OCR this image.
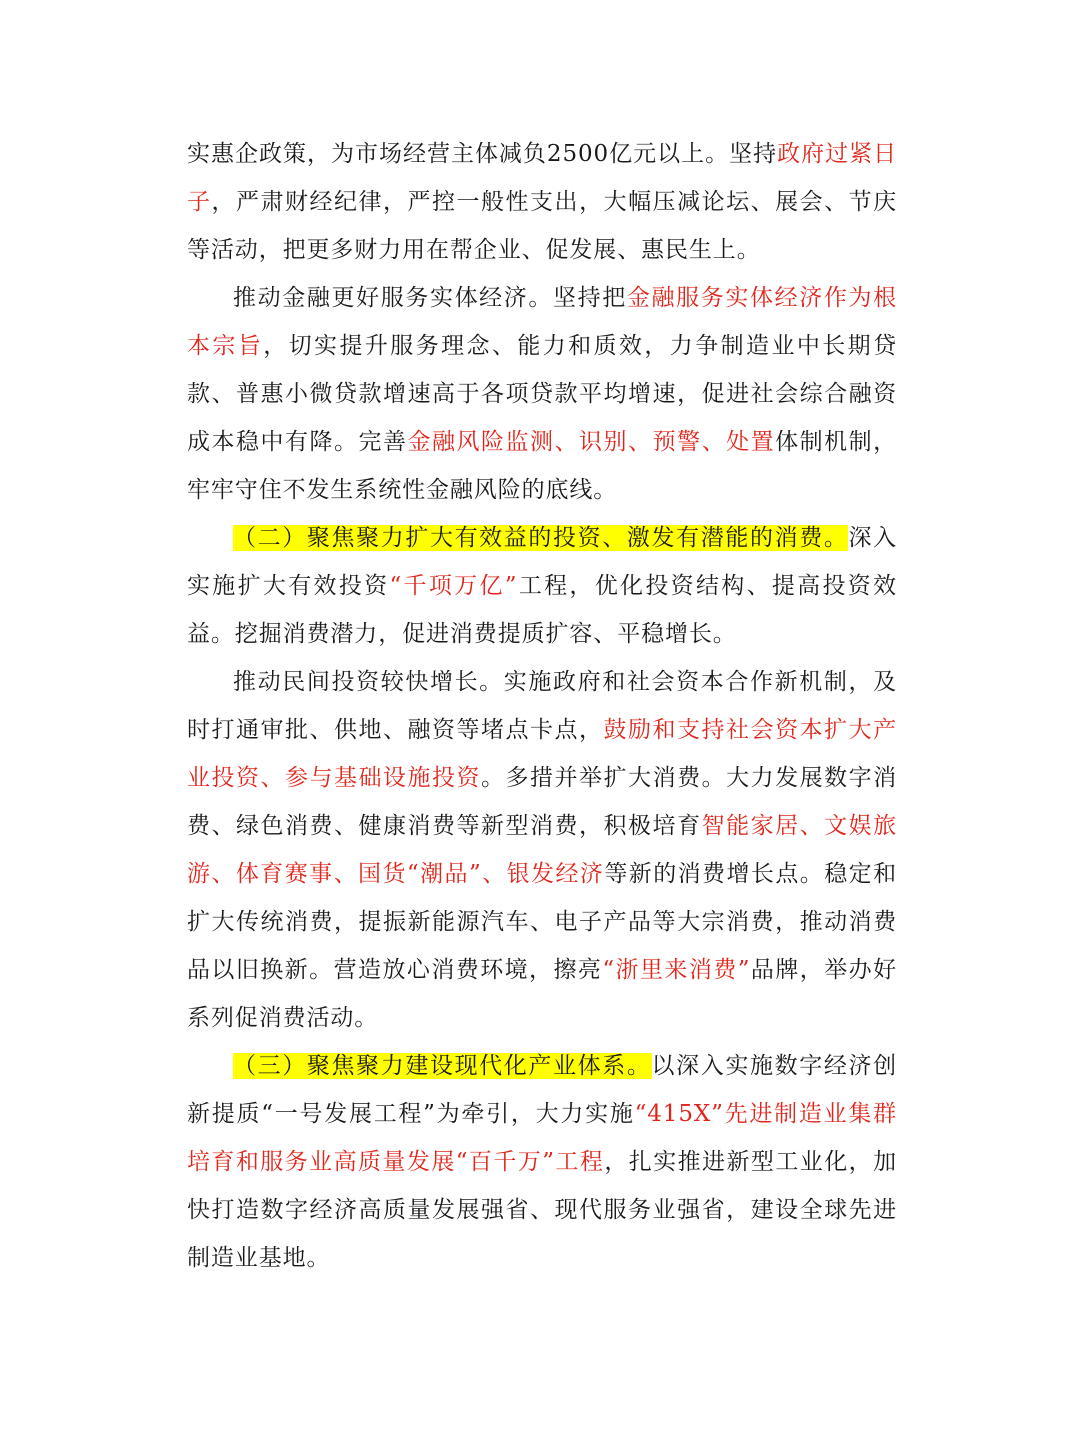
实惠企政策，为市场经营主体减负2500亿元以上。坚持政府过紧日子，严肃财经纪律，严控一般性支出，大幅压减论坛、展会、节庆等活动，把更多财力用在帮企业、促发展、惠民生上。

推动金融更好服务实体经济。坚持把金融服务实体经济作为根本宗旨，切实提升服务理念、能力和质效，力争制造业中长期贷款、普惠小微贷款增速高于各项贷款平均增速，促进社会综合融资成本稳中有降。完善金融风险监测、识别、预警、处置体制机制，牢牢守住不发生系统性金融风险的底线。

（二）聚焦聚力扩大有效益的投资、激发有潜能的消费。深入实施扩大有效投资“千项万亿”工程，优化投资结构、提高投资效益。挖掘消费潜力，促进消费提质扩容、平稳增长。

推动民间投资较快增长。实施政府和社会资本合作新机制，及时打通审批、供地、融资等堵点卡点，鼓励和支持社会资本扩大产业投资、参与基础设施投资。多措并举扩大消费。大力发展数字消费、绿色消费、健康消费等新型消费，积极培育智能家居、文娱旅游、体育赛事、国货“潮品”、银发经济等新的消费增长点。稳定和扩大传统消费，提振新能源汽车、电子产品等大宗消费，推动消费品以旧换新。营造放心消费环境，擦亮“浙里来消费”品牌，举办好系列促消费活动。

（三）聚焦聚力建设现代化产业体系。以深入实施数字经济创新提质“一号发展工程”为牵引，大力实施“415X”先进制造业集群培育和服务业高质量发展“百千万”工程，扎实推进新型工业化，加快打造数字经济高质量发展强省、现代服务业强省，建设全球先进制造业基地。
